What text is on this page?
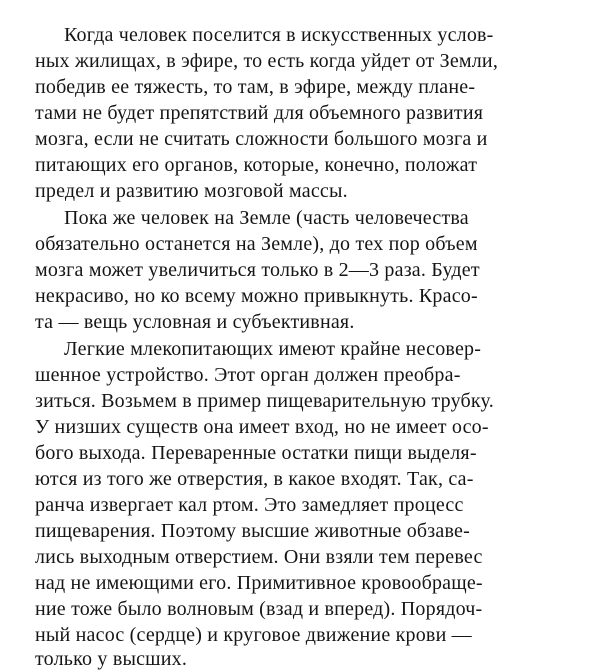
Когда человек поселится в искусственных услов-
ных жилищах, в эфире, то есть когда уйдет от Земли,
победив ее тяжесть, то там, в эфире, между плане-
тами не будет препятствий для объемного развития
мозга, если не считать сложности большого мозга и
питающих его органов, которые, конечно, положат
предел и развитию мозговой массы.
Пока же человек на Земле (часть человечества
обязательно останется на Земле), до тех пор объем
мозга может увеличиться только в 2—3 раза. Будет
некрасиво, но ко всему можно привыкнуть. Красо-
та — вещь условная и субъективная.
Легкие млекопитающих имеют крайне несовер-
шенное устройство. Этот орган должен преобра-
зиться. Возьмем в пример пищеварительную трубку.
У низших существ она имеет вход, но не имеет осо-
бого выхода. Переваренные остатки пищи выделя-
ются из того же отверстия, в какое входят. Так, са-
ранча извергает кал ртом. Это замедляет процесс
пищеварения. Поэтому высшие животные обзаве-
лись выходным отверстием. Они взяли тем перевес
над не имеющими его. Примитивное кровообраще-
ние тоже было волновым (взад и вперед). Порядоч-
ный насос (сердце) и круговое движение крови —
только у высших.
